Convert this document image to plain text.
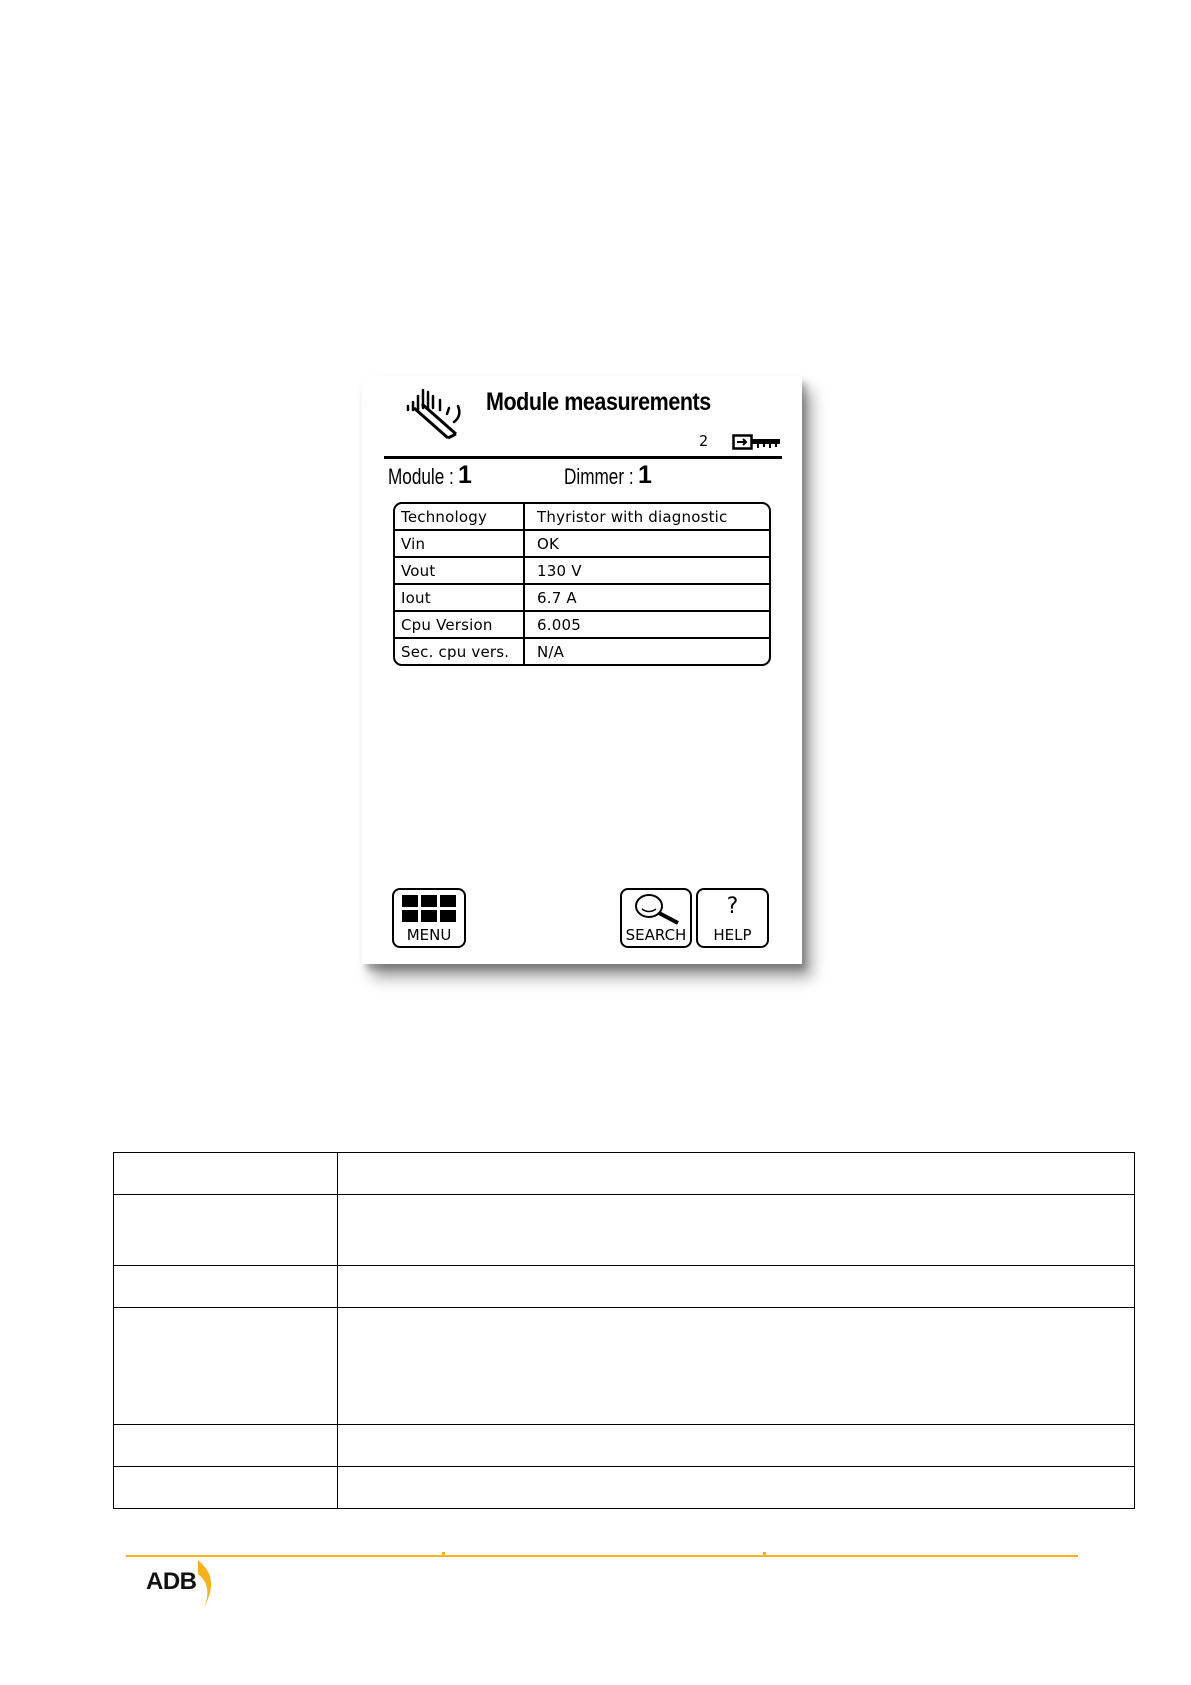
Module measurements
2
Module : 1	Dimmer : 1
Technology	Thyristor with diagnostic
Vin	OK
Vout	130 V
Iout	6.7 A
Cpu Version	6.005
Sec. cpu vers.	N/A
MENU	SEARCH
?
HELP

ADB
